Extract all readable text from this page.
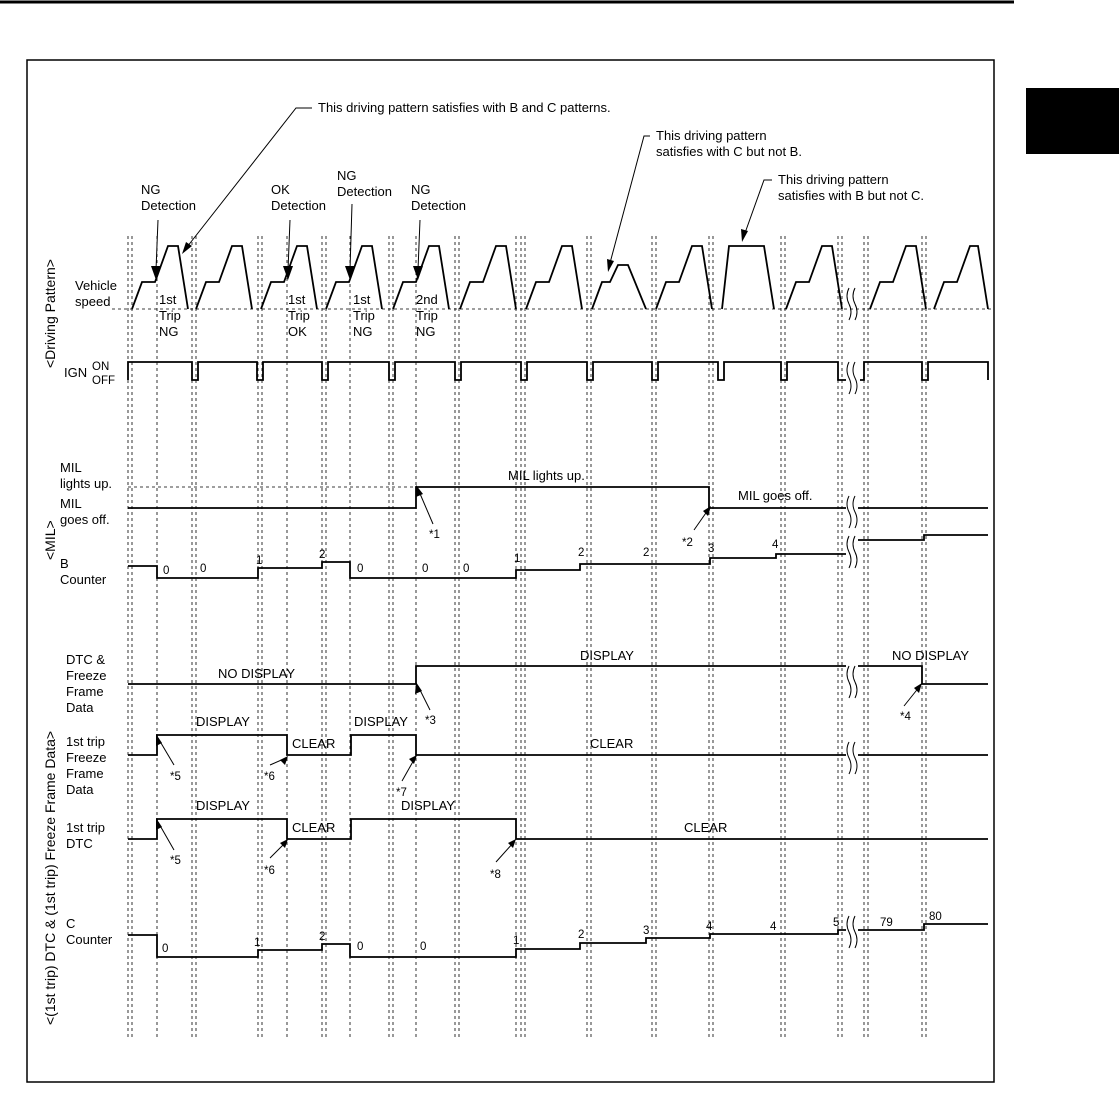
<Driving Pattern>
<MIL>
<(1st trip) DTC & (1st trip) Freeze Frame Data>
Vehicle speed
IGN ON
OFF
MIL lights up.
MIL goes off.
B Counter
DTC & Freeze Frame Data
1st trip Freeze Frame Data
1st trip DTC
C Counter
This driving pattern satisfies with B and C patterns.
This driving pattern satisfies with C but not B.
This driving pattern satisfies with B but not C.
NG Detection
OK Detection
NG Detection NG Detection
1st Trip NG
1st Trip OK
1st Trip NG
2nd Trip NG
MIL lights up.
MIL goes off.
0	0
1	2
0	0	0
1	2	2	3	4
NO DISPLAY
DISPLAY	NO DISPLAY
DISPLAY
CLEAR
DISPLAY
CLEAR
DISPLAY
CLEAR
DISPLAY
CLEAR
0	1	2
0	0	1	2	3	4	4	5	79	80
*1
*2
*3	*4
*5	*6
*7
*5
*6	*8
